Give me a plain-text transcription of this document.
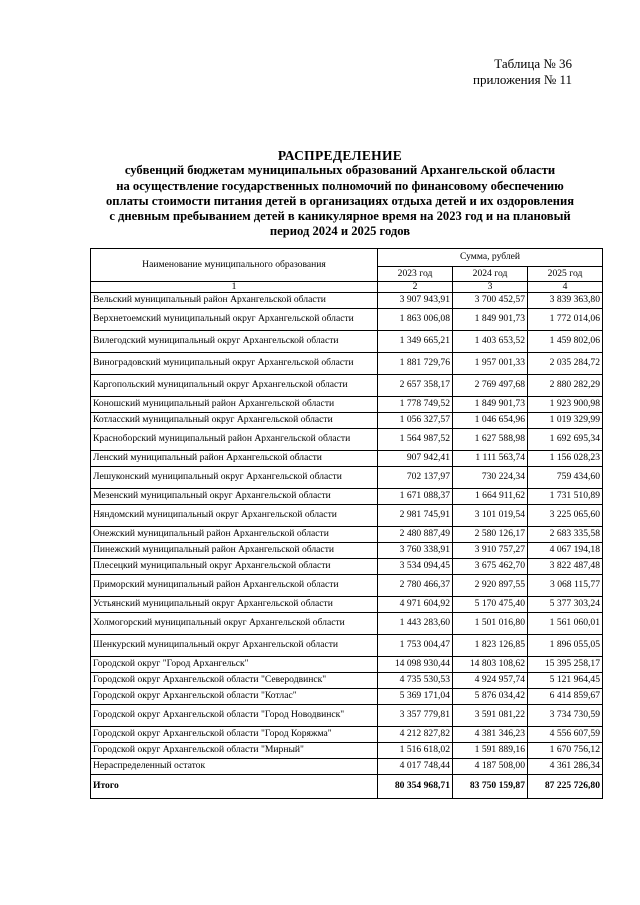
Таблица № 36
приложения № 11
РАСПРЕДЕЛЕНИЕ
субвенций бюджетам муниципальных образований Архангельской области
на осуществление государственных полномочий по финансовому обеспечению
оплаты стоимости питания детей в организациях отдыха детей и их оздоровления
с дневным пребыванием детей в каникулярное время на 2023 год и на плановый
период 2024 и 2025 годов
Наименование муниципального образования	Сумма, рублей		
	2023 год	2024 год	2025 год
1	2	3	4
Вельский муниципальный район Архангельской области	3 907 943,91	3 700 452,57	3 839 363,80
Верхнетоемский муниципальный округ Архангельской области	1 863 006,08	1 849 901,73	1 772 014,06
Вилегодский муниципальный округ Архангельской области	1 349 665,21	1 403 653,52	1 459 802,06
Виноградовский муниципальный округ Архангельской области	1 881 729,76	1 957 001,33	2 035 284,72
Каргопольский муниципальный округ Архангельской области	2 657 358,17	2 769 497,68	2 880 282,29
Коношский муниципальный район Архангельской области	1 778 749,52	1 849 901,73	1 923 900,98
Котласский муниципальный округ Архангельской области	1 056 327,57	1 046 654,96	1 019 329,99
Красноборский муниципальный район Архангельской области	1 564 987,52	1 627 588,98	1 692 695,34
Ленский муниципальный район Архангельской области	907 942,41	1 111 563,74	1 156 028,23
Лешуконский муниципальный округ Архангельской области	702 137,97	730 224,34	759 434,60
Мезенский муниципальный округ Архангельской области	1 671 088,37	1 664 911,62	1 731 510,89
Няндомский муниципальный округ Архангельской области	2 981 745,91	3 101 019,54	3 225 065,60
Онежский муниципальный район Архангельской области	2 480 887,49	2 580 126,17	2 683 335,58
Пинежский муниципальный район Архангельской области	3 760 338,91	3 910 757,27	4 067 194,18
Плесецкий муниципальный округ Архангельской области	3 534 094,45	3 675 462,70	3 822 487,48
Приморский муниципальный район Архангельской области	2 780 466,37	2 920 897,55	3 068 115,77
Устьянский муниципальный округ Архангельской области	4 971 604,92	5 170 475,40	5 377 303,24
Холмогорский муниципальный округ Архангельской области	1 443 283,60	1 501 016,80	1 561 060,01
Шенкурский муниципальный округ Архангельской области	1 753 004,47	1 823 126,85	1 896 055,05
Городской округ "Город Архангельск"	14 098 930,44	14 803 108,62	15 395 258,17
Городской округ Архангельской области "Северодвинск"	4 735 530,53	4 924 957,74	5 121 964,45
Городской округ Архангельской области "Котлас"	5 369 171,04	5 876 034,42	6 414 859,67
Городской округ Архангельской области "Город Новодвинск"	3 357 779,81	3 591 081,22	3 734 730,59
Городской округ Архангельской области "Город Коряжма"	4 212 827,82	4 381 346,23	4 556 607,59
Городской округ Архангельской области "Мирный"	1 516 618,02	1 591 889,16	1 670 756,12
Нераспределенный остаток	4 017 748,44	4 187 508,00	4 361 286,34
Итого	80 354 968,71	83 750 159,87	87 225 726,80
